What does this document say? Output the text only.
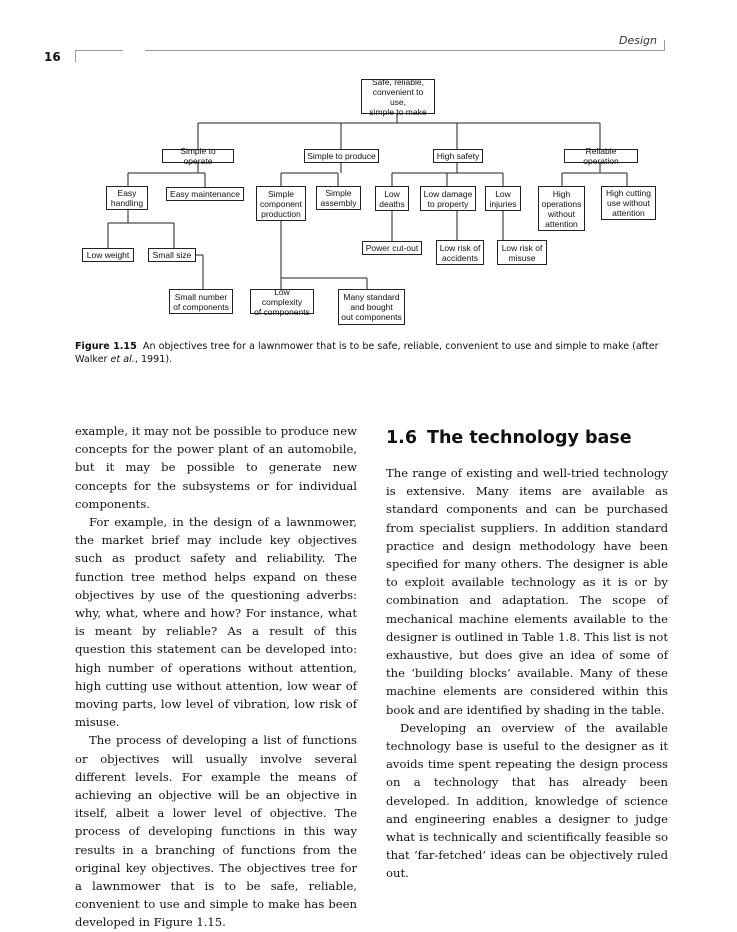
16
Design
Safe, reliable,
convenient to use,
simple to make
Simple to operate	Simple to produce	High safety	Reliable operation
Easy
handling
Easy maintenance	Simple
component
production
Simple
assembly
Low
deaths
Low damage
to property
Low
injuries
High
operations
without
attention
High cutting
use without
attention
Low weight	Small size
Power cut-out	Low risk of
accidents
Low risk of
misuse
Small number
of components
Low complexity
of components
Many standard
and bought
out components
Figure 1.15 An objectives tree for a lawnmower that is to be safe, reliable, convenient to use and simple to make (after Walker et al., 1991).

example, it may not be possible to produce new concepts for the power plant of an automobile, but it may be possible to generate new concepts for the subsystems or for individual components.

For example, in the design of a lawnmower, the market brief may include key objectives such as product safety and reliability. The function tree method helps expand on these objectives by use of the questioning adverbs: why, what, where and how? For instance, what is meant by reliable? As a result of this question this statement can be developed into: high number of operations without attention, high cutting use without attention, low wear of moving parts, low level of vibration, low risk of misuse.

The process of developing a list of functions or objectives will usually involve several different levels. For example the means of achieving an objective will be an objective in itself, albeit a lower level of objective. The process of developing functions in this way results in a branching of functions from the original key objectives. The objectives tree for a lawnmower that is to be safe, reliable, convenient to use and simple to make has been developed in Figure 1.15.

1.6 The technology base

The range of existing and well-tried technology is extensive. Many items are available as standard components and can be purchased from specialist suppliers. In addition standard practice and design methodology have been specified for many others. The designer is able to exploit available technology as it is or by combination and adaptation. The scope of mechanical machine elements available to the designer is outlined in Table 1.8. This list is not exhaustive, but does give an idea of some of the ‘building blocks’ available. Many of these machine elements are considered within this book and are identified by shading in the table.

Developing an overview of the available technology base is useful to the designer as it avoids time spent repeating the design process on a technology that has already been developed. In addition, knowledge of science and engineering enables a designer to judge what is technically and scientifically feasible so that ‘far-fetched’ ideas can be objectively ruled out.
